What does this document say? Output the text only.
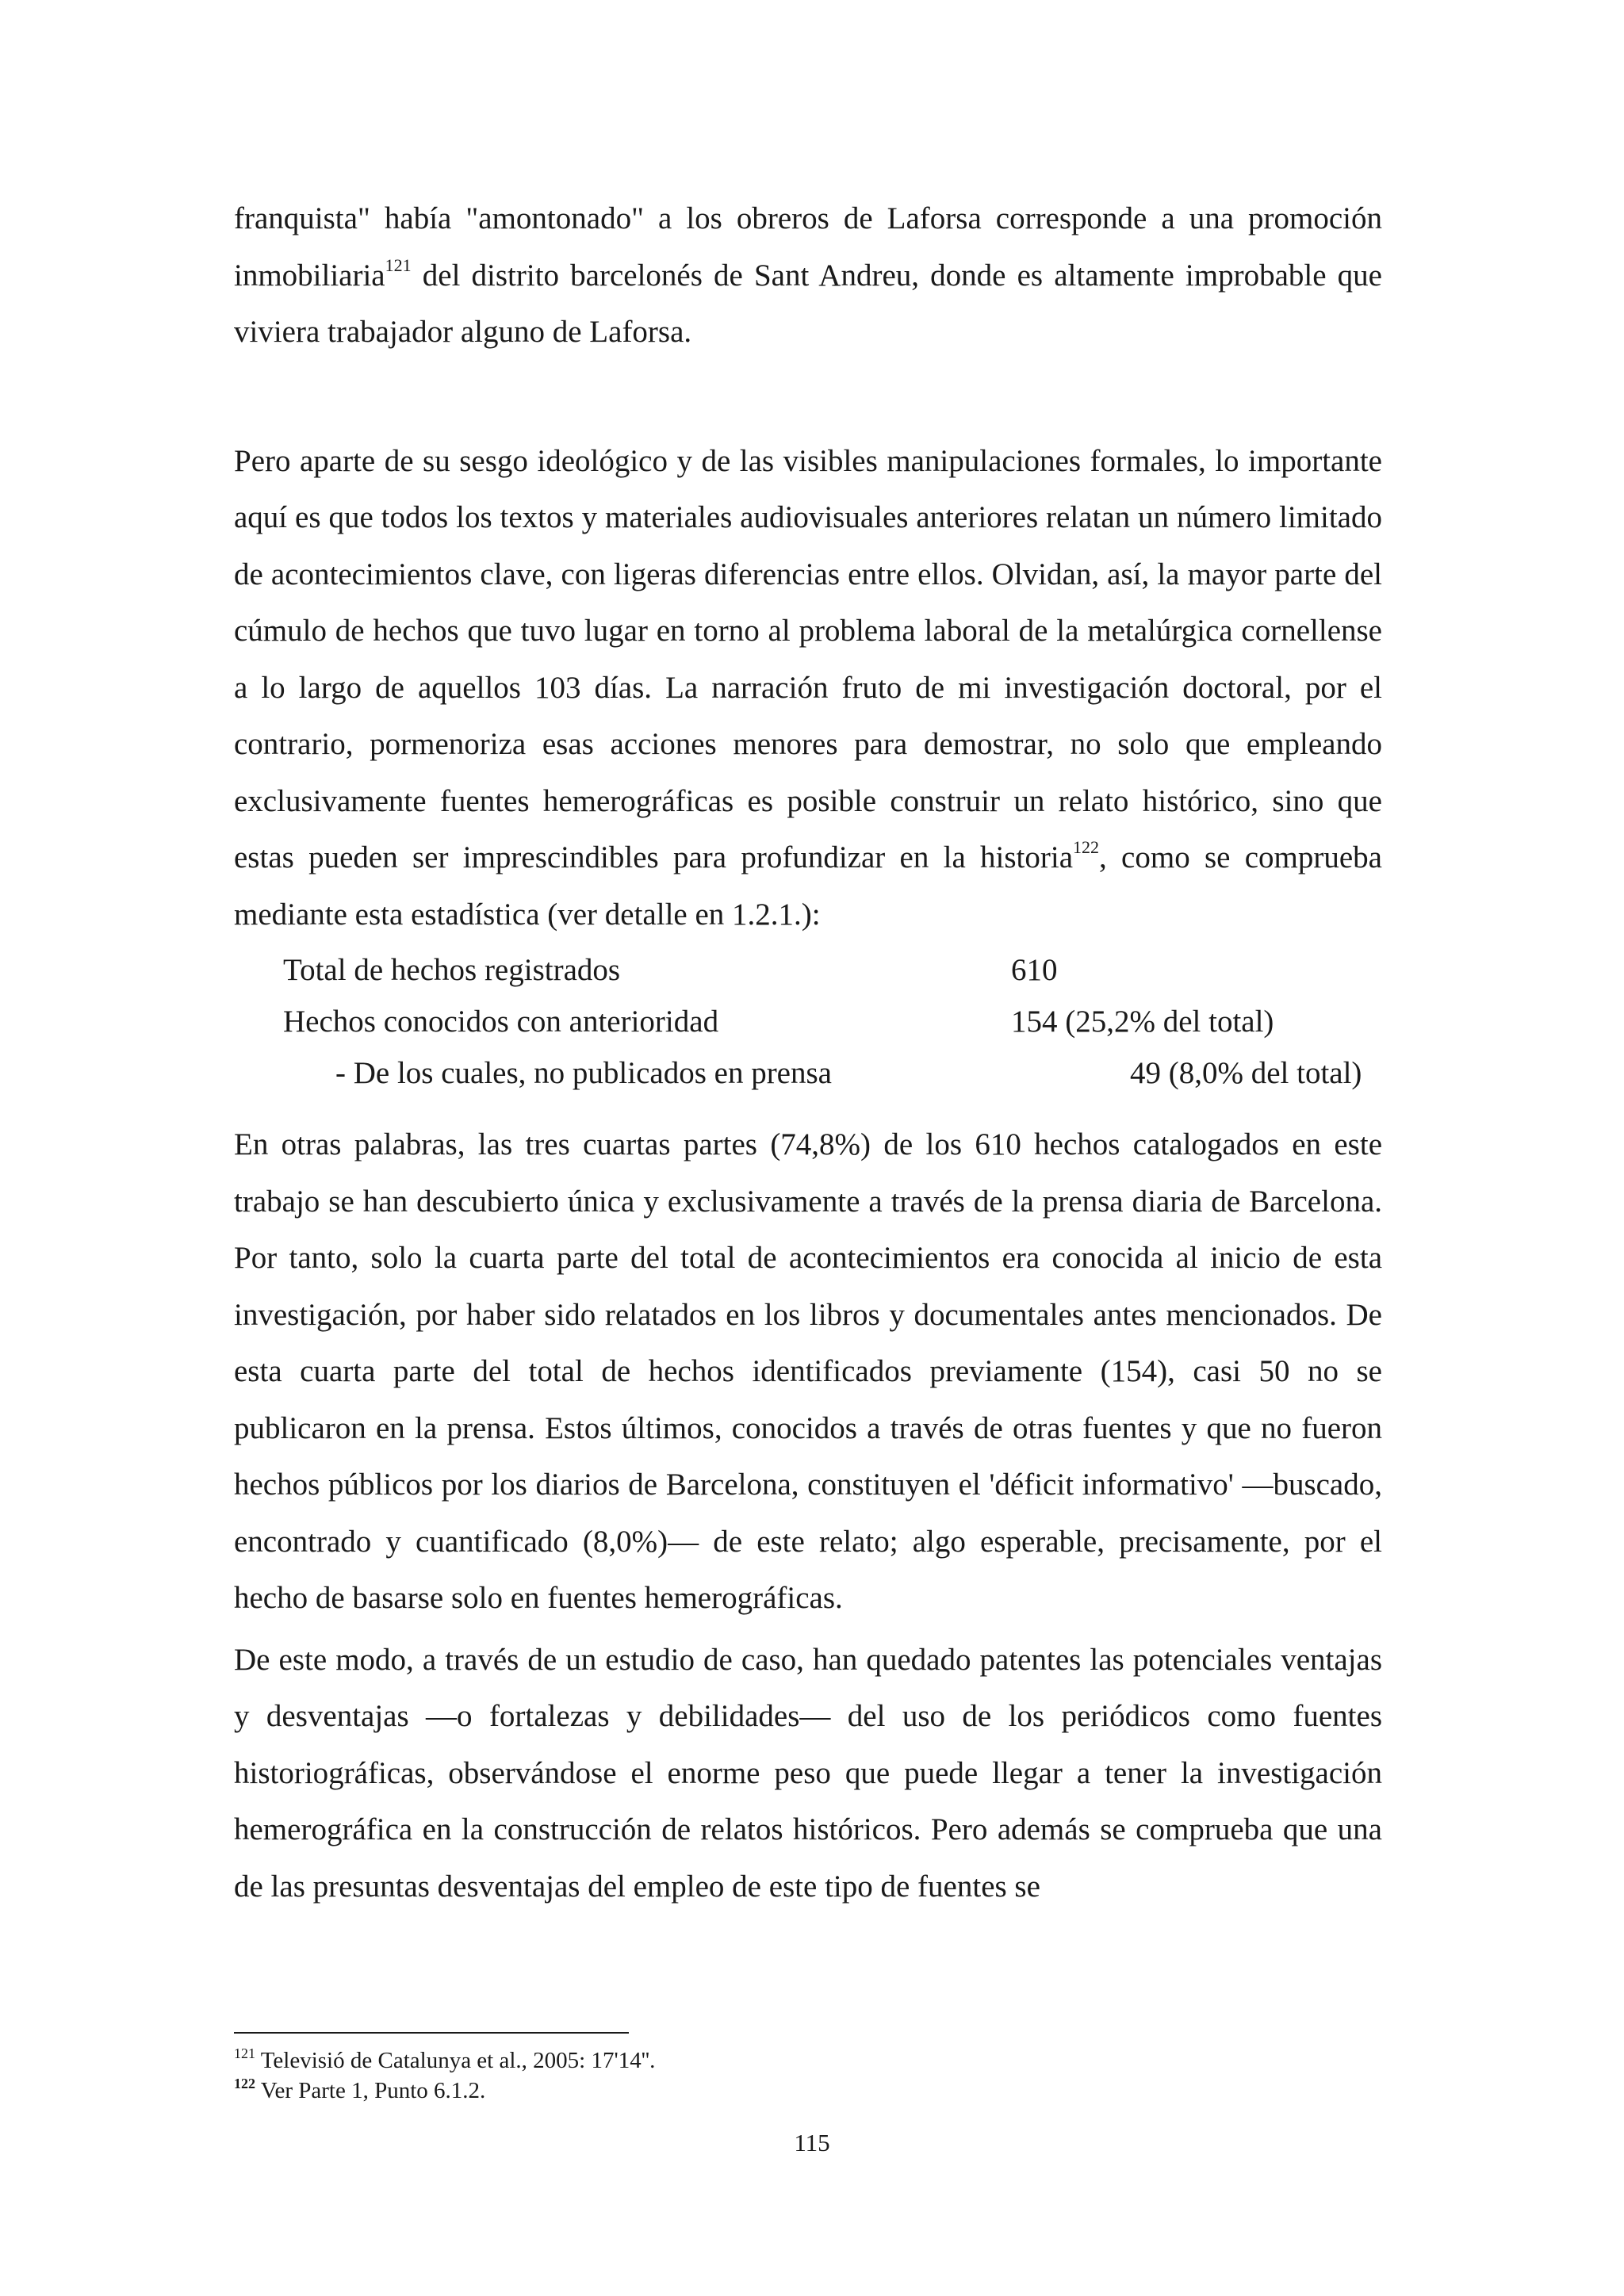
franquista" había "amontonado" a los obreros de Laforsa corresponde a una promoción inmobiliaria$^{121}$ del distrito barcelonés de Sant Andreu, donde es altamente improbable que viviera trabajador alguno de Laforsa.

Pero aparte de su sesgo ideológico y de las visibles manipulaciones formales, lo importante aquí es que todos los textos y materiales audiovisuales anteriores relatan un número limitado de acontecimientos clave, con ligeras diferencias entre ellos. Olvidan, así, la mayor parte del cúmulo de hechos que tuvo lugar en torno al problema laboral de la metalúrgica cornellense a lo largo de aquellos 103 días. La narración fruto de mi investigación doctoral, por el contrario, pormenoriza esas acciones menores para demostrar, no solo que empleando exclusivamente fuentes hemerográficas es posible construir un relato histórico, sino que estas pueden ser imprescindibles para profundizar en la historia$^{122}$, como se comprueba mediante esta estadística (ver detalle en 1.2.1.):

Total de hechos registrados	610
Hechos conocidos con anterioridad	154 (25,2% del total)
- De los cuales, no publicados en prensa	49 (8,0% del total)

En otras palabras, las tres cuartas partes (74,8%) de los 610 hechos catalogados en este trabajo se han descubierto única y exclusivamente a través de la prensa diaria de Barcelona. Por tanto, solo la cuarta parte del total de acontecimientos era conocida al inicio de esta investigación, por haber sido relatados en los libros y documentales antes mencionados. De esta cuarta parte del total de hechos identificados previamente (154), casi 50 no se publicaron en la prensa. Estos últimos, conocidos a través de otras fuentes y que no fueron hechos públicos por los diarios de Barcelona, constituyen el 'déficit informativo' —buscado, encontrado y cuantificado (8,0%)— de este relato; algo esperable, precisamente, por el hecho de basarse solo en fuentes hemerográficas.

De este modo, a través de un estudio de caso, han quedado patentes las potenciales ventajas y desventajas —o fortalezas y debilidades— del uso de los periódicos como fuentes historiográficas, observándose el enorme peso que puede llegar a tener la investigación hemerográfica en la construcción de relatos históricos. Pero además se comprueba que una de las presuntas desventajas del empleo de este tipo de fuentes se

$^{121}$ Televisió de Catalunya et al., 2005: 17'14''.
$^{122}$ Ver Parte 1, Punto 6.1.2.
115
